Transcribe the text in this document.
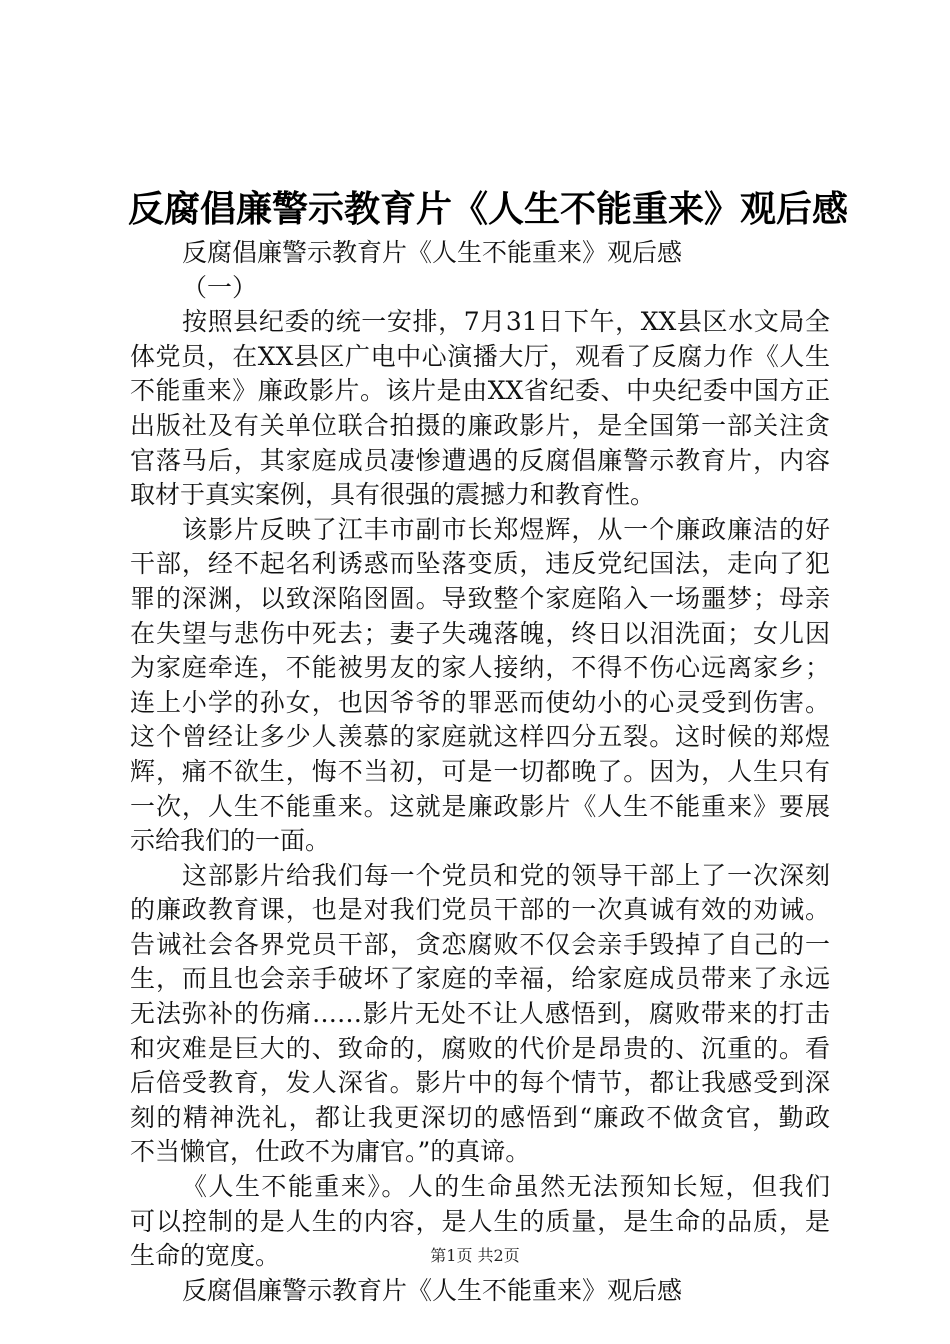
反腐倡廉警示教育片《人生不能重来》观后感
反腐倡廉警示教育片《人生不能重来》观后感
（一）
按照县纪委的统一安排，7月31日下午，XX县区水文局全
体党员，在XX县区广电中心演播大厅，观看了反腐力作《人生
不能重来》廉政影片。该片是由XX省纪委、中央纪委中国方正
出版社及有关单位联合拍摄的廉政影片，是全国第一部关注贪
官落马后，其家庭成员凄惨遭遇的反腐倡廉警示教育片，内容
取材于真实案例，具有很强的震撼力和教育性。
该影片反映了江丰市副市长郑煜辉，从一个廉政廉洁的好
干部，经不起名利诱惑而坠落变质，违反党纪国法，走向了犯
罪的深渊，以致深陷囹圄。导致整个家庭陷入一场噩梦；母亲
在失望与悲伤中死去；妻子失魂落魄，终日以泪洗面；女儿因
为家庭牵连，不能被男友的家人接纳，不得不伤心远离家乡；
连上小学的孙女，也因爷爷的罪恶而使幼小的心灵受到伤害。
这个曾经让多少人羡慕的家庭就这样四分五裂。这时候的郑煜
辉，痛不欲生，悔不当初，可是一切都晚了。因为，人生只有
一次，人生不能重来。这就是廉政影片《人生不能重来》要展
示给我们的一面。
这部影片给我们每一个党员和党的领导干部上了一次深刻
的廉政教育课，也是对我们党员干部的一次真诚有效的劝诫。
告诫社会各界党员干部，贪恋腐败不仅会亲手毁掉了自己的一
生，而且也会亲手破坏了家庭的幸福，给家庭成员带来了永远
无法弥补的伤痛……影片无处不让人感悟到，腐败带来的打击
和灾难是巨大的、致命的，腐败的代价是昂贵的、沉重的。看
后倍受教育，发人深省。影片中的每个情节，都让我感受到深
刻的精神洗礼，都让我更深切的感悟到“廉政不做贪官，勤政
不当懒官，仕政不为庸官。”的真谛。
《人生不能重来》。人的生命虽然无法预知长短，但我们
可以控制的是人生的内容，是人生的质量，是生命的品质，是
生命的宽度。
反腐倡廉警示教育片《人生不能重来》观后感
第1页 共2页
